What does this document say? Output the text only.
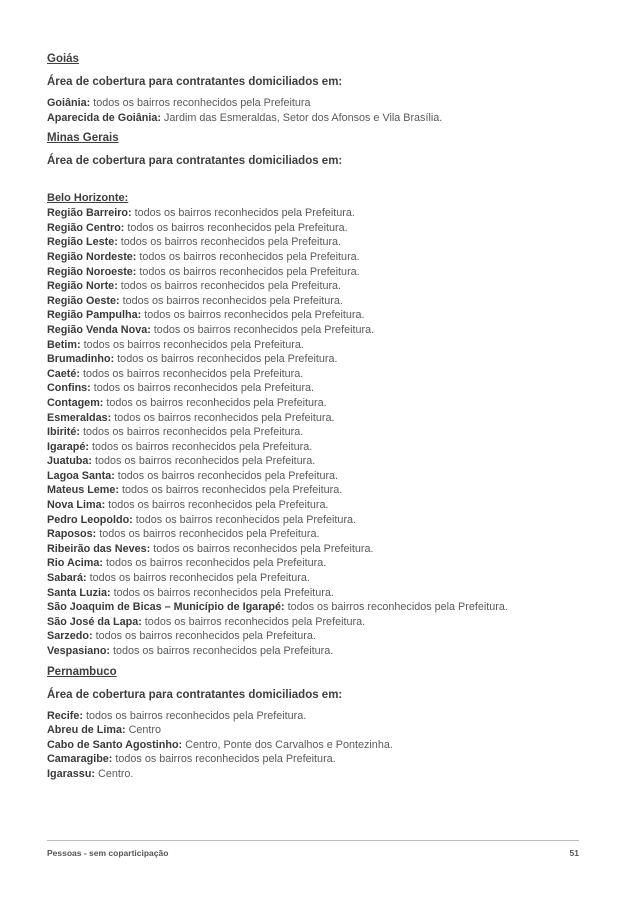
Goiás
Área de cobertura para contratantes domiciliados em:
Goiânia: todos os bairros reconhecidos pela Prefeitura
Aparecida de Goiânia: Jardim das Esmeraldas, Setor dos Afonsos e Vila Brasília.
Minas Gerais
Área de cobertura para contratantes domiciliados em:
Belo Horizonte:
Região Barreiro: todos os bairros reconhecidos pela Prefeitura.
Região Centro: todos os bairros reconhecidos pela Prefeitura.
Região Leste: todos os bairros reconhecidos pela Prefeitura.
Região Nordeste: todos os bairros reconhecidos pela Prefeitura.
Região Noroeste: todos os bairros reconhecidos pela Prefeitura.
Região Norte: todos os bairros reconhecidos pela Prefeitura.
Região Oeste: todos os bairros reconhecidos pela Prefeitura.
Região Pampulha: todos os bairros reconhecidos pela Prefeitura.
Região Venda Nova: todos os bairros reconhecidos pela Prefeitura.
Betim: todos os bairros reconhecidos pela Prefeitura.
Brumadinho: todos os bairros reconhecidos pela Prefeitura.
Caeté: todos os bairros reconhecidos pela Prefeitura.
Confins: todos os bairros reconhecidos pela Prefeitura.
Contagem: todos os bairros reconhecidos pela Prefeitura.
Esmeraldas: todos os bairros reconhecidos pela Prefeitura.
Ibirité: todos os bairros reconhecidos pela Prefeitura.
Igarapé: todos os bairros reconhecidos pela Prefeitura.
Juatuba: todos os bairros reconhecidos pela Prefeitura.
Lagoa Santa: todos os bairros reconhecidos pela Prefeitura.
Mateus Leme: todos os bairros reconhecidos pela Prefeitura.
Nova Lima: todos os bairros reconhecidos pela Prefeitura.
Pedro Leopoldo: todos os bairros reconhecidos pela Prefeitura.
Raposos: todos os bairros reconhecidos pela Prefeitura.
Ribeirão das Neves: todos os bairros reconhecidos pela Prefeitura.
Rio Acima: todos os bairros reconhecidos pela Prefeitura.
Sabará: todos os bairros reconhecidos pela Prefeitura.
Santa Luzia: todos os bairros reconhecidos pela Prefeitura.
São Joaquim de Bicas – Município de Igarapé: todos os bairros reconhecidos pela Prefeitura.
São José da Lapa: todos os bairros reconhecidos pela Prefeitura.
Sarzedo: todos os bairros reconhecidos pela Prefeitura.
Vespasiano: todos os bairros reconhecidos pela Prefeitura.
Pernambuco
Área de cobertura para contratantes domiciliados em:
Recife: todos os bairros reconhecidos pela Prefeitura.
Abreu de Lima: Centro
Cabo de Santo Agostinho: Centro, Ponte dos Carvalhos e Pontezinha.
Camaragibe: todos os bairros reconhecidos pela Prefeitura.
Igarassu: Centro.
Pessoas - sem coparticipação	51
